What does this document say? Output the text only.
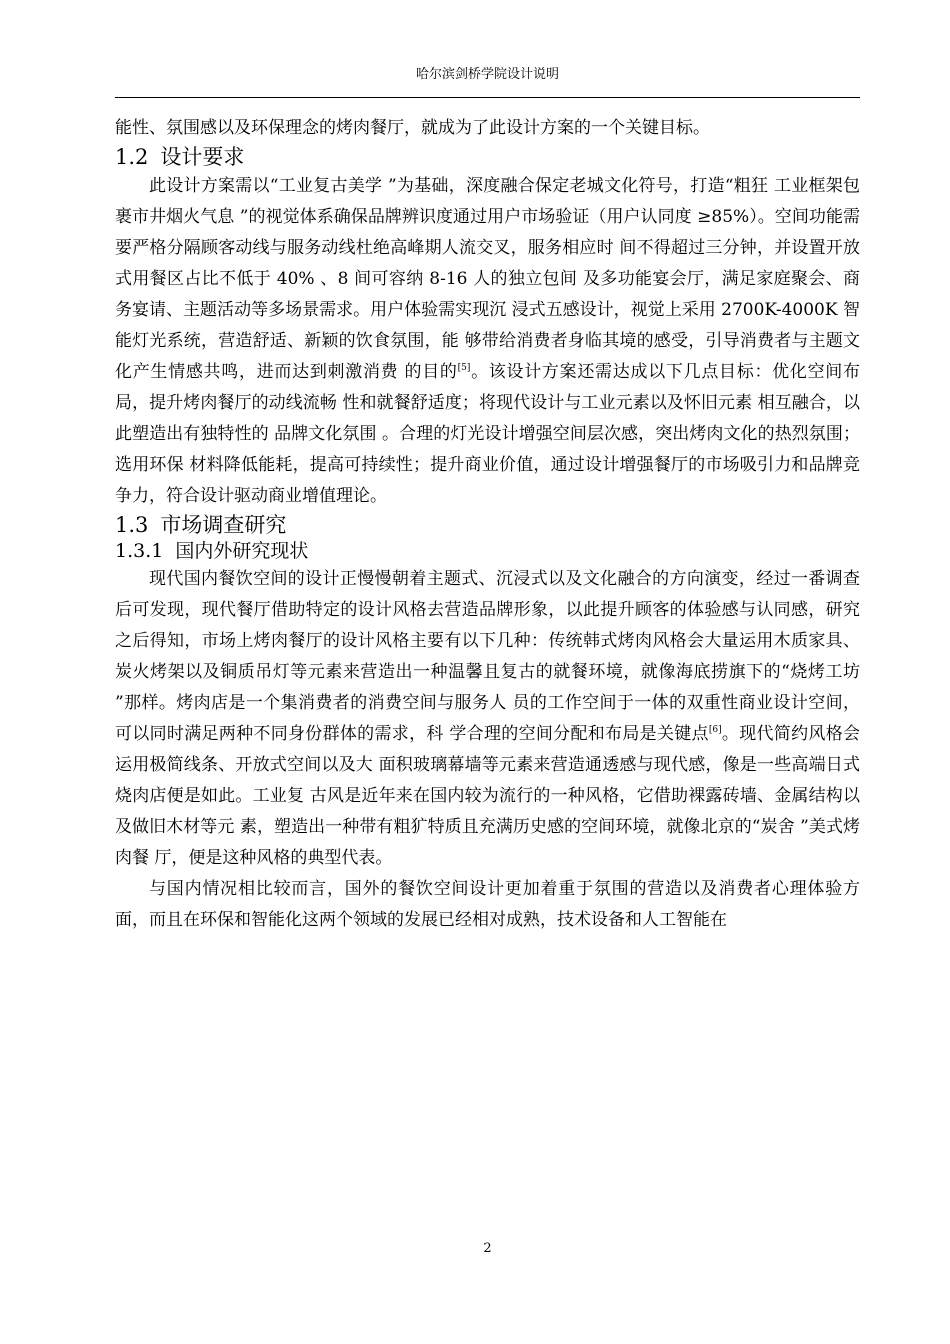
哈尔滨剑桥学院设计说明

能性、氛围感以及环保理念的烤肉餐厅，就成为了此设计方案的一个关键目标。

1.2 设计要求

此设计方案需以“工业复古美学 ”为基础，深度融合保定老城文化符号，打造“粗狂 工业框架包裹市井烟火气息 ”的视觉体系确保品牌辨识度通过用户市场验证（用户认同度 ≥85%）。空间功能需要严格分隔顾客动线与服务动线杜绝高峰期人流交叉，服务相应时 间不得超过三分钟，并设置开放式用餐区占比不低于 40% 、8 间可容纳 8-16 人的独立包间 及多功能宴会厅，满足家庭聚会、商务宴请、主题活动等多场景需求。用户体验需实现沉 浸式五感设计，视觉上采用 2700K-4000K 智能灯光系统，营造舒适、新颖的饮食氛围，能 够带给消费者身临其境的感受，引导消费者与主题文化产生情感共鸣，进而达到刺激消费 的目的[5]。该设计方案还需达成以下几点目标：优化空间布局，提升烤肉餐厅的动线流畅 性和就餐舒适度；将现代设计与工业元素以及怀旧元素 相互融合，以此塑造出有独特性的 品牌文化氛围 。合理的灯光设计增强空间层次感，突出烤肉文化的热烈氛围；选用环保 材料降低能耗，提高可持续性；提升商业价值，通过设计增强餐厅的市场吸引力和品牌竞 争力，符合设计驱动商业增值理论。

1.3 市场调查研究
1.3.1 国内外研究现状

现代国内餐饮空间的设计正慢慢朝着主题式、沉浸式以及文化融合的方向演变，经过一番调查后可发现，现代餐厅借助特定的设计风格去营造品牌形象，以此提升顾客的体验感与认同感，研究之后得知，市场上烤肉餐厅的设计风格主要有以下几种：传统韩式烤肉风格会大量运用木质家具、炭火烤架以及铜质吊灯等元素来营造出一种温馨且复古的就餐环境，就像海底捞旗下的“烧烤工坊 ”那样。烤肉店是一个集消费者的消费空间与服务人 员的工作空间于一体的双重性商业设计空间，可以同时满足两种不同身份群体的需求，科 学合理的空间分配和布局是关键点[6]。现代简约风格会运用极简线条、开放式空间以及大 面积玻璃幕墙等元素来营造通透感与现代感，像是一些高端日式烧肉店便是如此。工业复 古风是近年来在国内较为流行的一种风格，它借助裸露砖墙、金属结构以及做旧木材等元 素，塑造出一种带有粗犷特质且充满历史感的空间环境，就像北京的“炭舍 ”美式烤肉餐 厅，便是这种风格的典型代表。

与国内情况相比较而言，国外的餐饮空间设计更加着重于氛围的营造以及消费者心理体验方面，而且在环保和智能化这两个领域的发展已经相对成熟，技术设备和人工智能在

2
